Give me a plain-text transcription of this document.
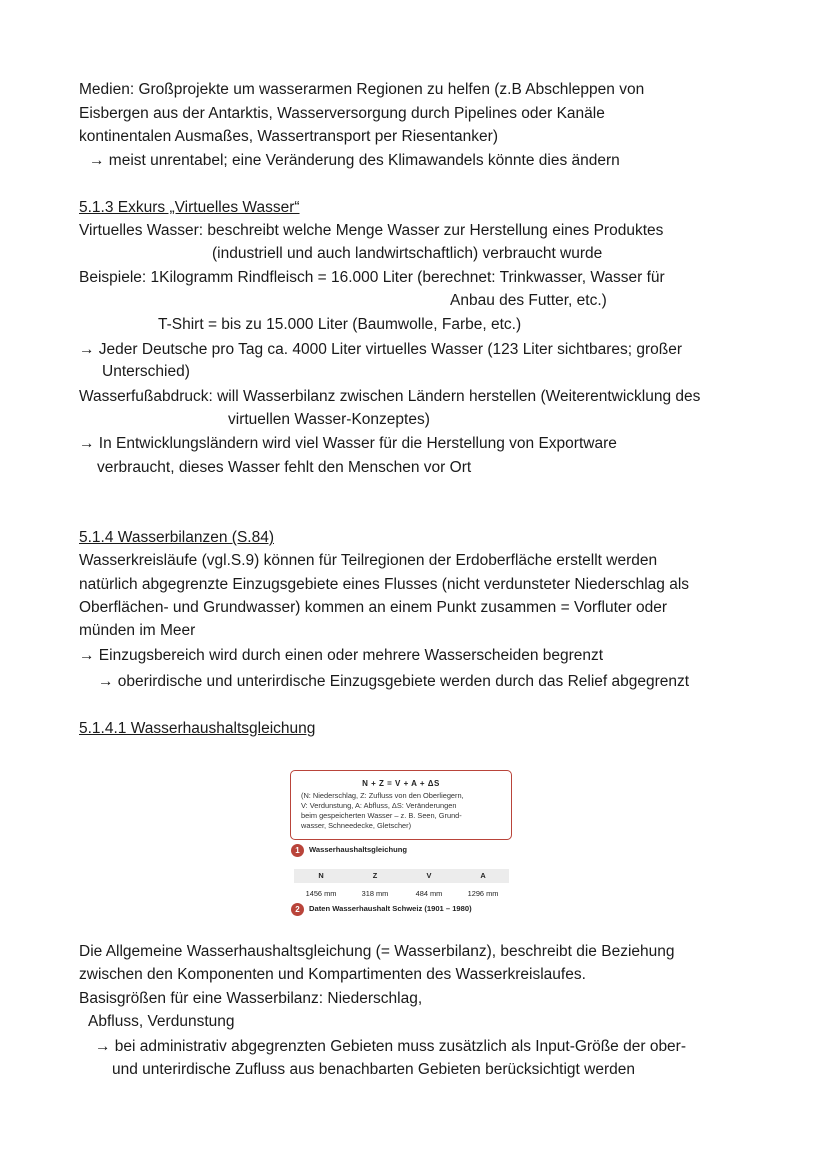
Medien: Großprojekte um wasserarmen Regionen zu helfen (z.B Abschleppen von
Eisbergen aus der Antarktis, Wasserversorgung durch Pipelines oder Kanäle
kontinentalen Ausmaßes, Wassertransport per Riesentanker)
→ meist unrentabel; eine Veränderung des Klimawandels könnte dies ändern
5.1.3 Exkurs „Virtuelles Wasser“
Virtuelles Wasser: beschreibt welche Menge Wasser zur Herstellung eines Produktes
(industriell und auch landwirtschaftlich) verbraucht wurde
Beispiele: 1Kilogramm Rindfleisch = 16.000 Liter (berechnet: Trinkwasser, Wasser für
Anbau des Futter, etc.)
T-Shirt = bis zu 15.000 Liter (Baumwolle, Farbe, etc.)
→ Jeder Deutsche pro Tag ca. 4000 Liter virtuelles Wasser (123 Liter sichtbares; großer
Unterschied)
Wasserfußabdruck: will Wasserbilanz zwischen Ländern herstellen (Weiterentwicklung des
virtuellen Wasser-Konzeptes)
→ In Entwicklungsländern wird viel Wasser für die Herstellung von Exportware
verbraucht, dieses Wasser fehlt den Menschen vor Ort
5.1.4 Wasserbilanzen (S.84)
Wasserkreisläufe (vgl.S.9) können für Teilregionen der Erdoberfläche erstellt werden
natürlich abgegrenzte Einzugsgebiete eines Flusses (nicht verdunsteter Niederschlag als
Oberflächen- und Grundwasser) kommen an einem Punkt zusammen = Vorfluter oder
münden im Meer
→ Einzugsbereich wird durch einen oder mehrere Wasserscheiden begrenzt
→ oberirdische und unterirdische Einzugsgebiete werden durch das Relief abgegrenzt
5.1.4.1 Wasserhaushaltsgleichung
N + Z = V + A + ΔS
(N: Niederschlag, Z: Zufluss von den Oberliegern,
V: Verdunstung, A: Abfluss, ΔS: Veränderungen
beim gespeicherten Wasser – z. B. Seen, Grund-
wasser, Schneedecke, Gletscher)
1	Wasserhaushaltsgleichung
N	Z	V	A
1456 mm	318 mm	484 mm	1296 mm
2	Daten Wasserhaushalt Schweiz (1901 – 1980)
Die Allgemeine Wasserhaushaltsgleichung (= Wasserbilanz), beschreibt die Beziehung
zwischen den Komponenten und Kompartimenten des Wasserkreislaufes.
Basisgrößen für eine Wasserbilanz: Niederschlag,
Abfluss, Verdunstung
→ bei administrativ abgegrenzten Gebieten muss zusätzlich als Input-Größe der ober-
und unterirdische Zufluss aus benachbarten Gebieten berücksichtigt werden
